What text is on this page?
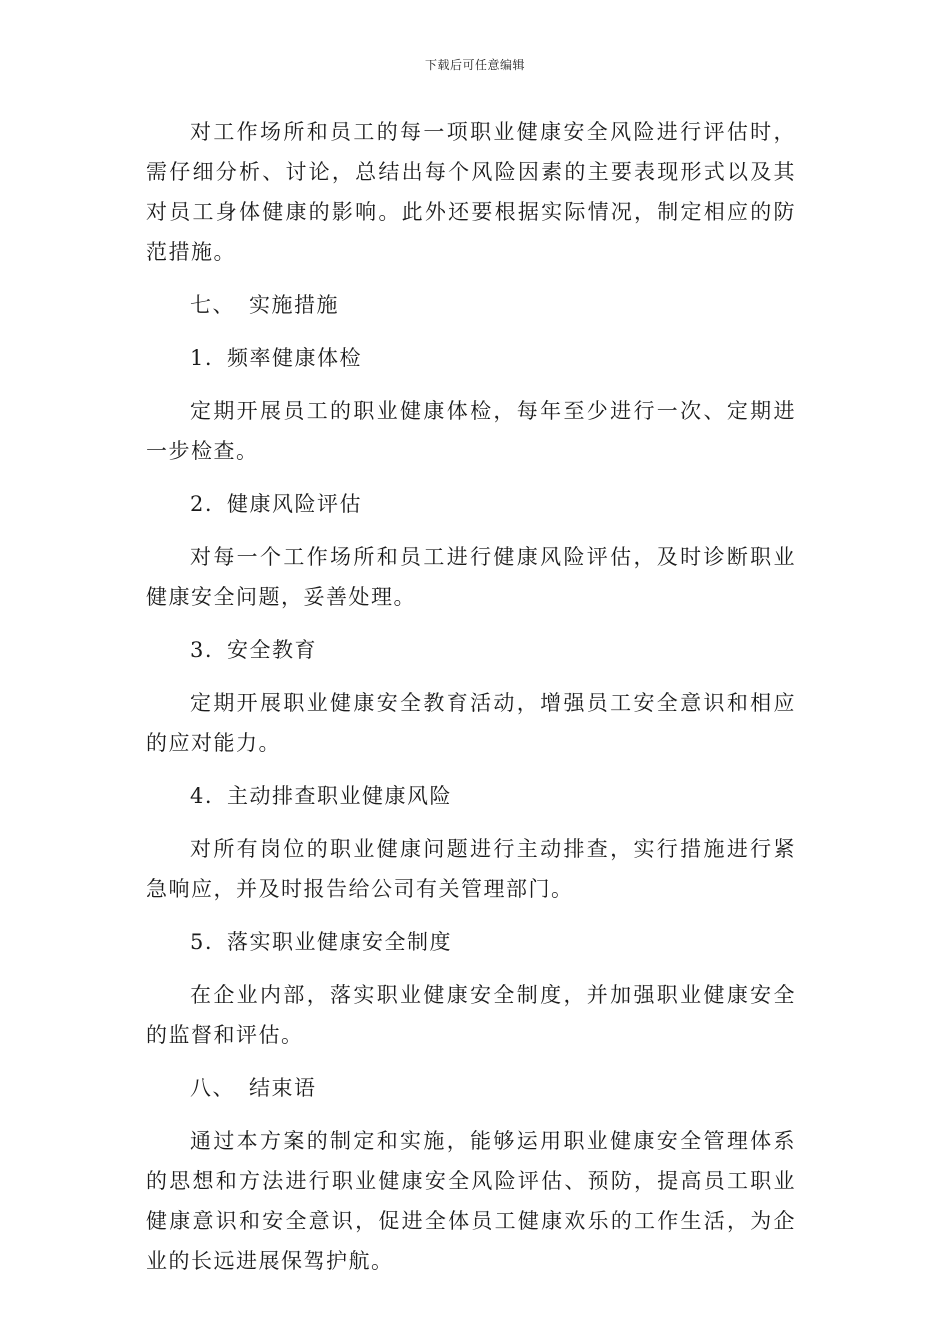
下载后可任意编辑

对工作场所和员工的每一项职业健康安全风险进行评估时，需仔细分析、讨论，总结出每个风险因素的主要表现形式以及其对员工身体健康的影响。此外还要根据实际情况，制定相应的防范措施。

七、 实施措施
1. 频率健康体检

定期开展员工的职业健康体检，每年至少进行一次、定期进一步检查。

2. 健康风险评估

对每一个工作场所和员工进行健康风险评估，及时诊断职业健康安全问题，妥善处理。

3. 安全教育

定期开展职业健康安全教育活动，增强员工安全意识和相应的应对能力。

4. 主动排查职业健康风险

对所有岗位的职业健康问题进行主动排查，实行措施进行紧急响应，并及时报告给公司有关管理部门。

5. 落实职业健康安全制度

在企业内部，落实职业健康安全制度，并加强职业健康安全的监督和评估。

八、 结束语

通过本方案的制定和实施，能够运用职业健康安全管理体系的思想和方法进行职业健康安全风险评估、预防，提高员工职业健康意识和安全意识，促进全体员工健康欢乐的工作生活，为企业的长远进展保驾护航。
